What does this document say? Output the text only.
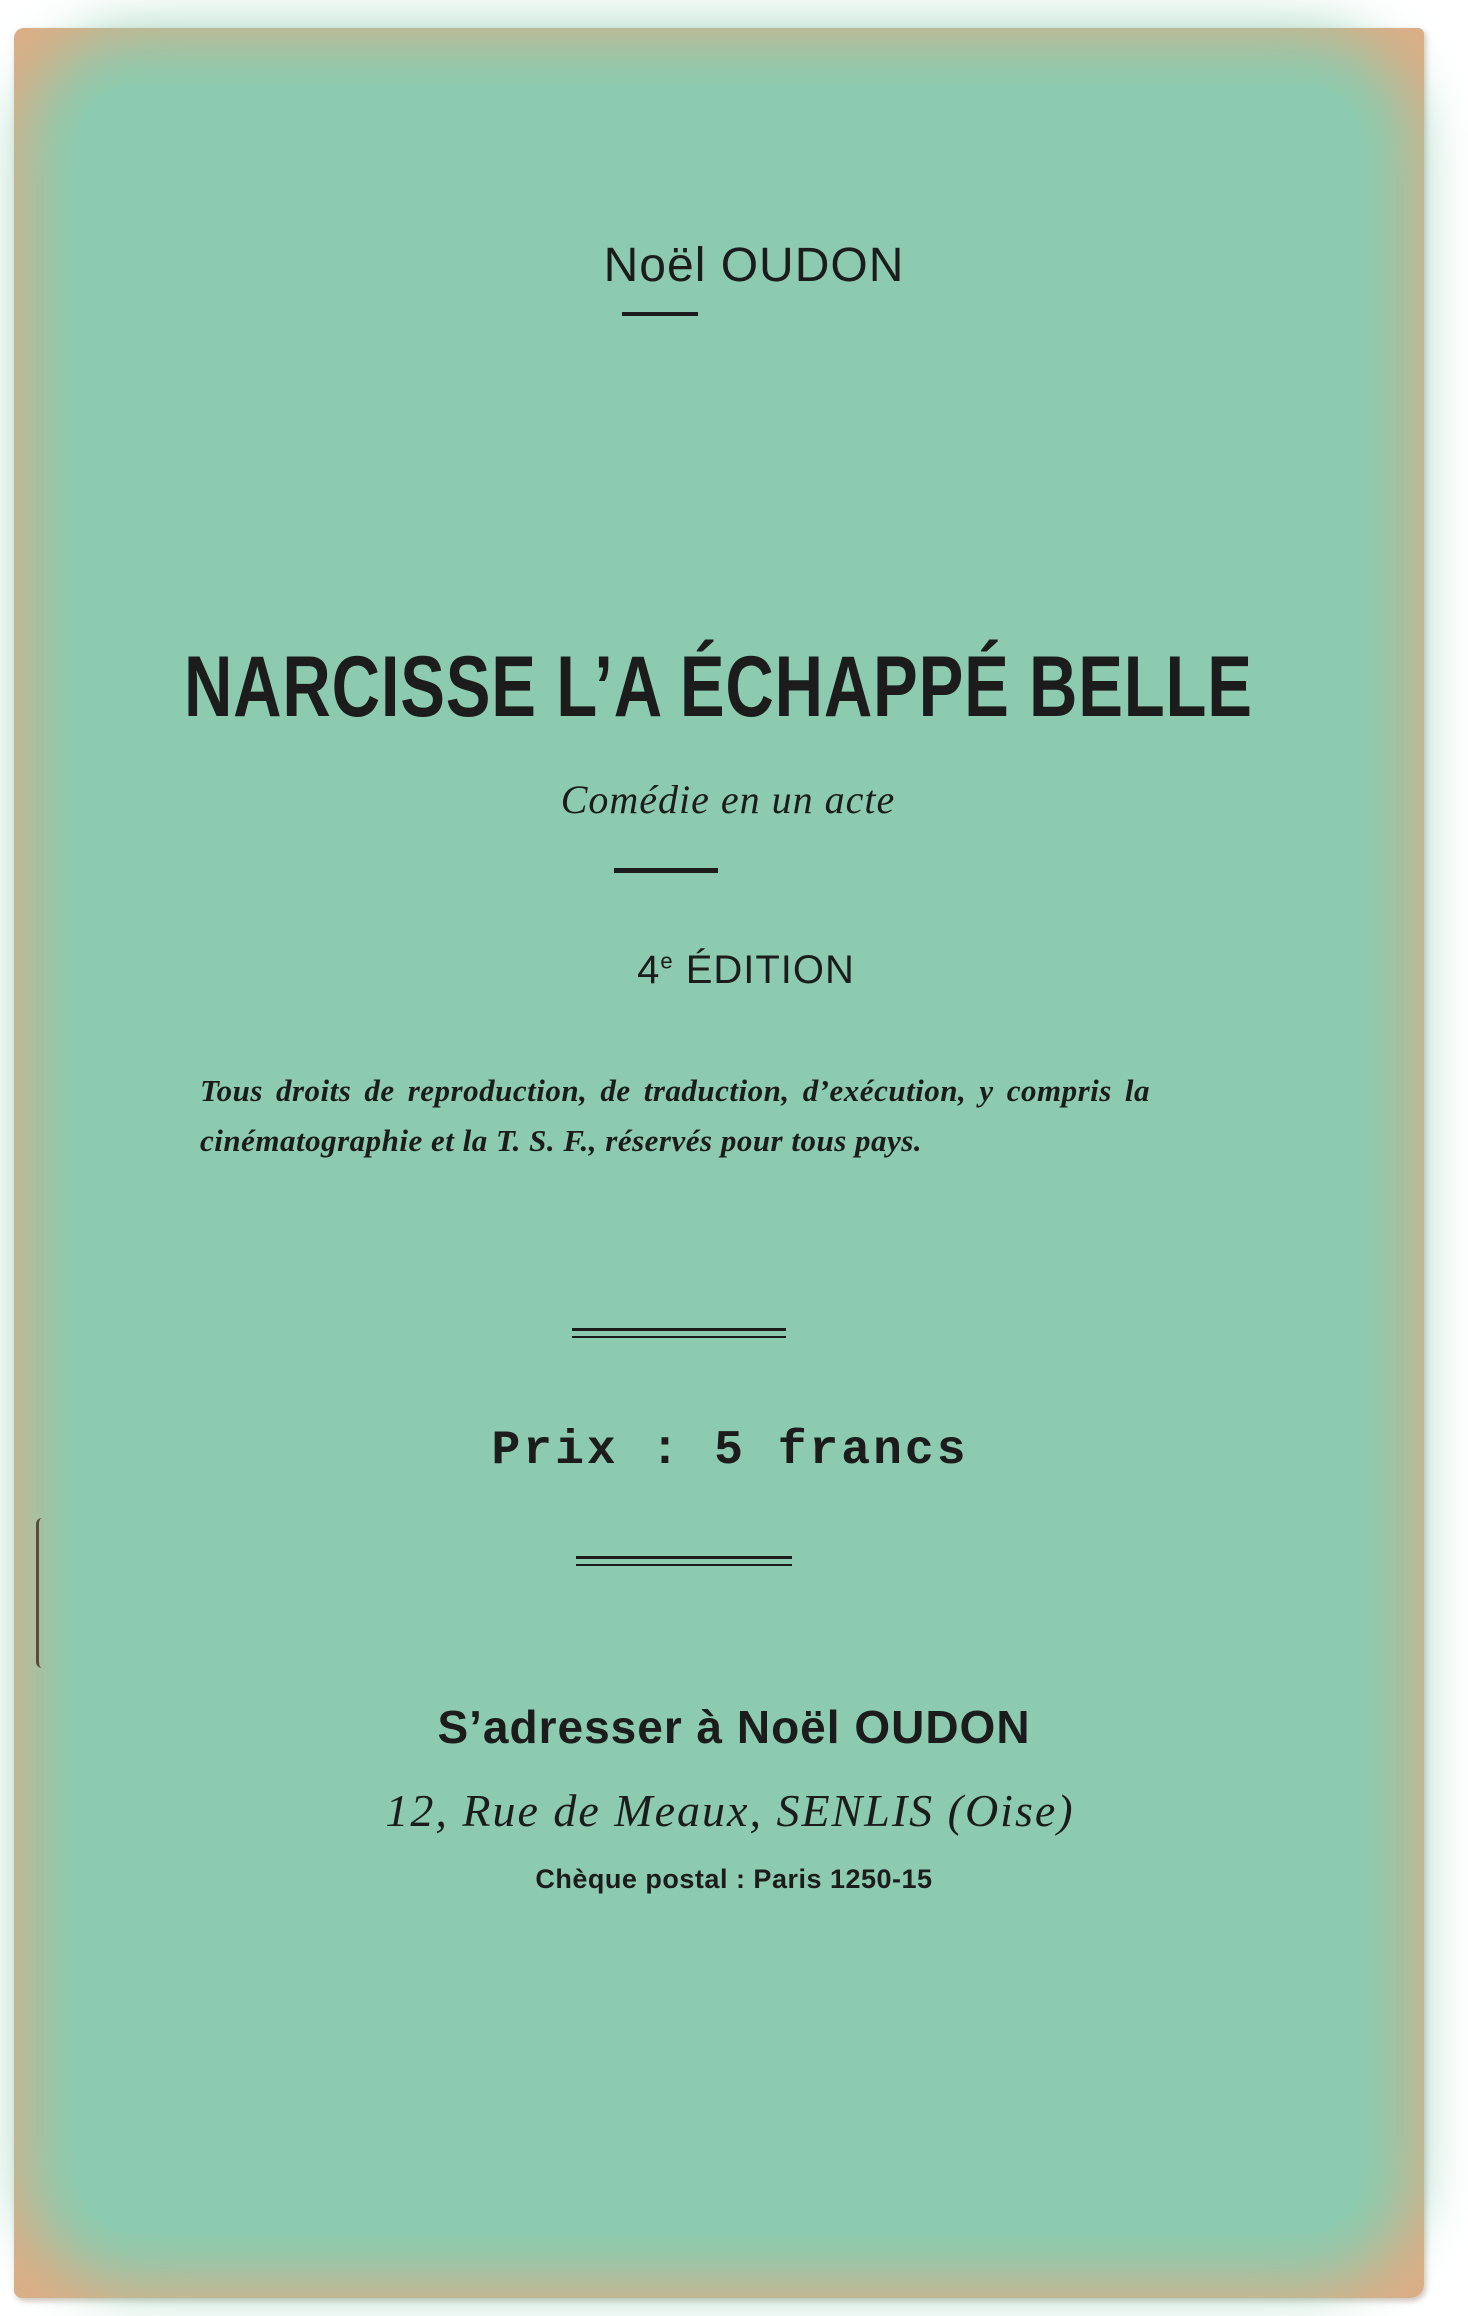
Noël OUDON
NARCISSE L’A ÉCHAPPÉ BELLE
Comédie en un acte
4e ÉDITION
Tous droits de reproduction, de traduction, d’exécution, y compris la cinématographie et la T. S. F., réservés pour tous pays.
Prix : 5 francs
S’adresser à Noël OUDON
12, Rue de Meaux, SENLIS (Oise)
Chèque postal : Paris 1250-15
